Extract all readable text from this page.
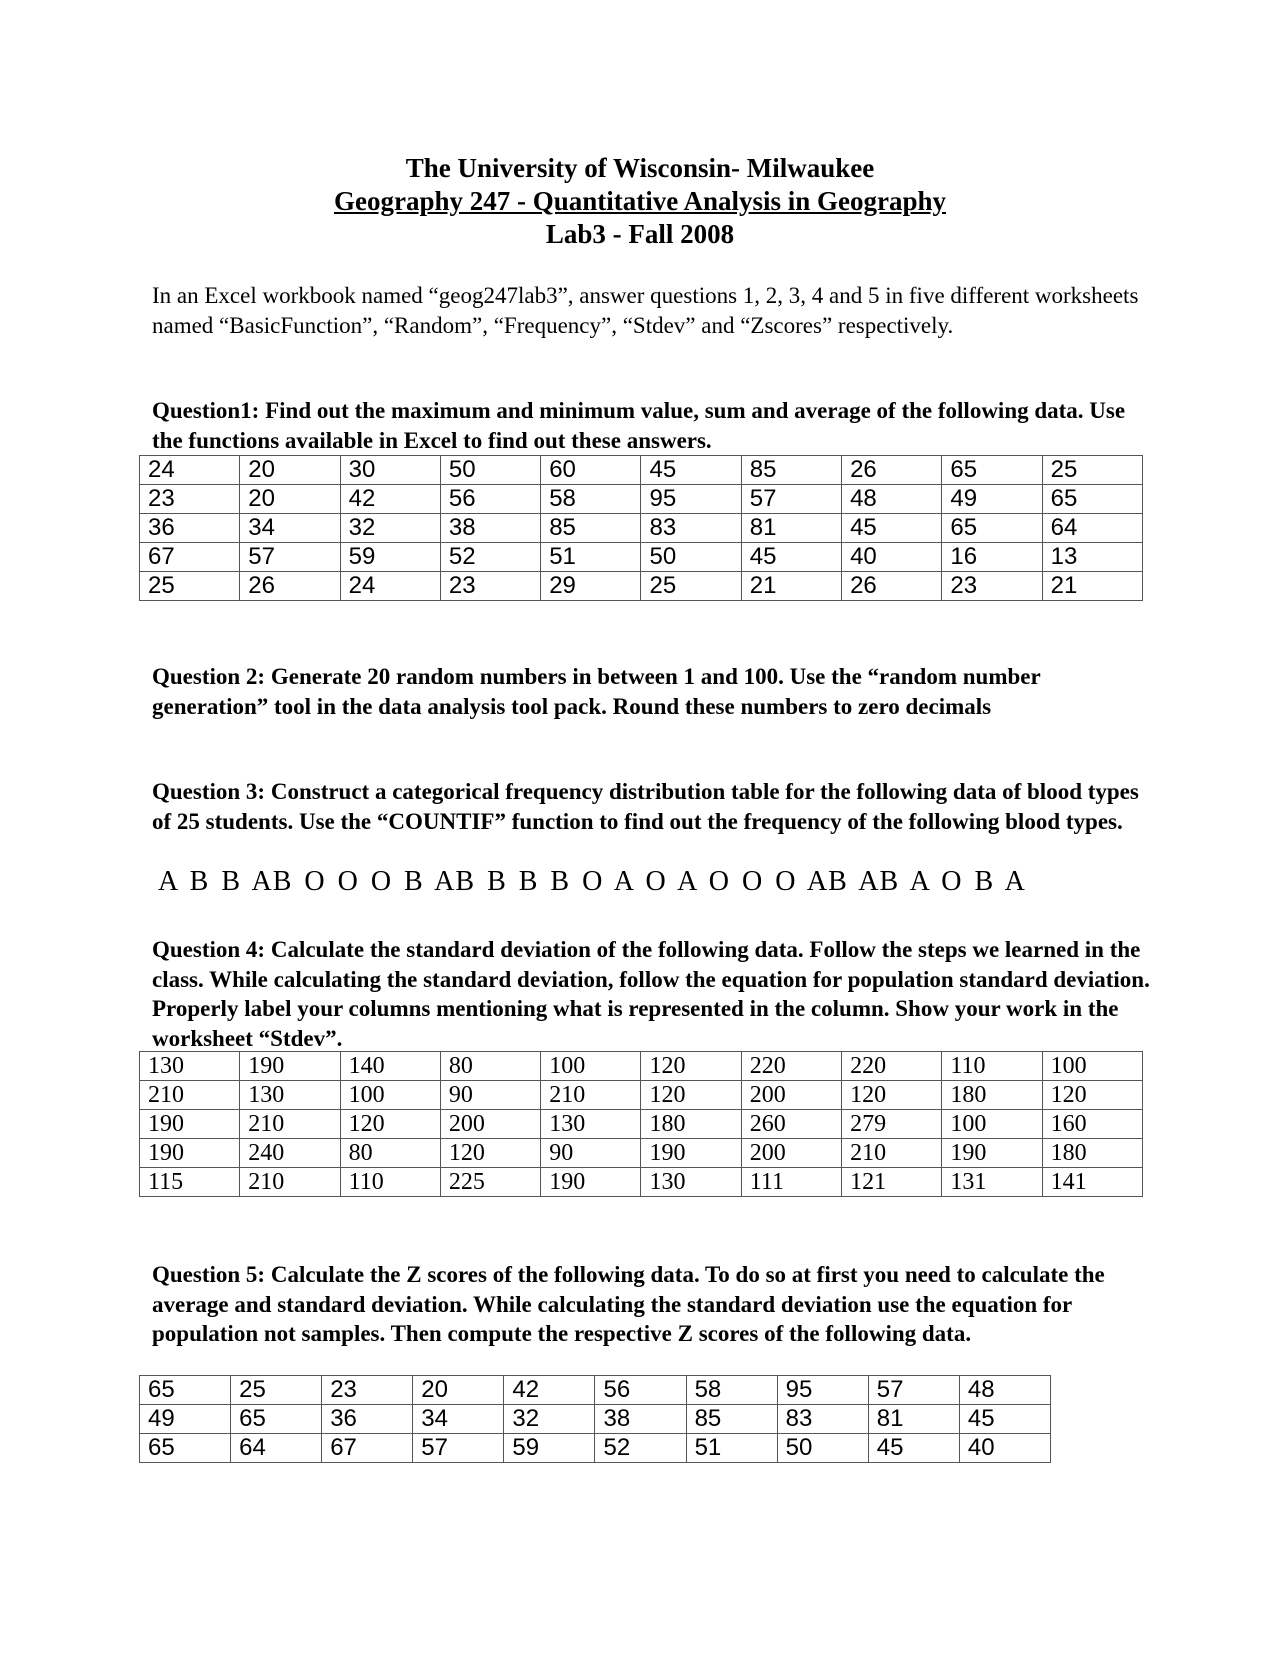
The University of Wisconsin- Milwaukee
Geography 247 - Quantitative Analysis in Geography
Lab3 - Fall 2008
In an Excel workbook named “geog247lab3”, answer questions 1, 2, 3, 4 and 5 in five different worksheets named “BasicFunction”, “Random”, “Frequency”, “Stdev” and “Zscores” respectively.
Question1: Find out the maximum and minimum value, sum and average of the following data. Use the functions available in Excel to find out these answers.
24	20	30	50	60	45	85	26	65	25
23	20	42	56	58	95	57	48	49	65
36	34	32	38	85	83	81	45	65	64
67	57	59	52	51	50	45	40	16	13
25	26	24	23	29	25	21	26	23	21
Question 2: Generate 20 random numbers in between 1 and 100. Use the “random number generation” tool in the data analysis tool pack. Round these numbers to zero decimals
Question 3: Construct a categorical frequency distribution table for the following data of blood types of 25 students. Use the “COUNTIF” function to find out the frequency of the following blood types.
A B B AB O O O B AB B B B O A O A O O O AB AB A O B A
Question 4: Calculate the standard deviation of the following data. Follow the steps we learned in the class. While calculating the standard deviation, follow the equation for population standard deviation. Properly label your columns mentioning what is represented in the column. Show your work in the worksheet “Stdev”.
130	190	140	80	100	120	220	220	110	100
210	130	100	90	210	120	200	120	180	120
190	210	120	200	130	180	260	279	100	160
190	240	80	120	90	190	200	210	190	180
115	210	110	225	190	130	111	121	131	141
Question 5: Calculate the Z scores of the following data. To do so at first you need to calculate the average and standard deviation. While calculating the standard deviation use the equation for population not samples. Then compute the respective Z scores of the following data.
65	25	23	20	42	56	58	95	57	48
49	65	36	34	32	38	85	83	81	45
65	64	67	57	59	52	51	50	45	40
